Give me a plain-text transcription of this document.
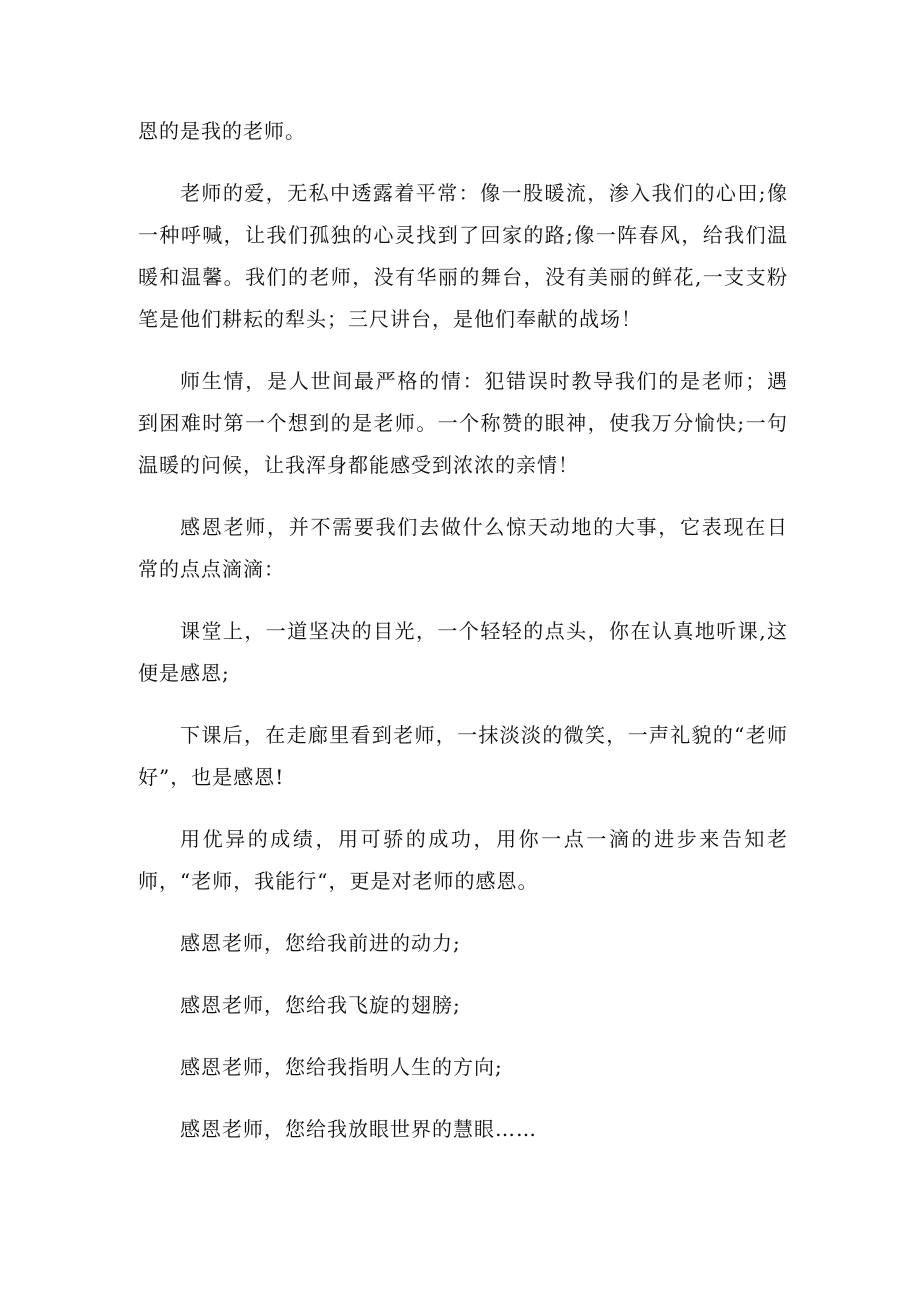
恩的是我的老师。

老师的爱，无私中透露着平常：像一股暖流，渗入我们的心田;像一种呼喊，让我们孤独的心灵找到了回家的路;像一阵春风，给我们温暖和温馨。我们的老师，没有华丽的舞台，没有美丽的鲜花,一支支粉笔是他们耕耘的犁头；三尺讲台，是他们奉献的战场！

师生情，是人世间最严格的情：犯错误时教导我们的是老师；遇到困难时第一个想到的是老师。一个称赞的眼神，使我万分愉快;一句温暖的问候，让我浑身都能感受到浓浓的亲情！

感恩老师，并不需要我们去做什么惊天动地的大事，它表现在日常的点点滴滴：

课堂上，一道坚决的目光，一个轻轻的点头，你在认真地听课,这便是感恩;

下课后，在走廊里看到老师，一抹淡淡的微笑，一声礼貌的“老师好”，也是感恩!

用优异的成绩，用可骄的成功，用你一点一滴的进步来告知老师，“老师，我能行“，更是对老师的感恩。

感恩老师，您给我前进的动力;

感恩老师，您给我飞旋的翅膀;

感恩老师，您给我指明人生的方向;

感恩老师，您给我放眼世界的慧眼……
